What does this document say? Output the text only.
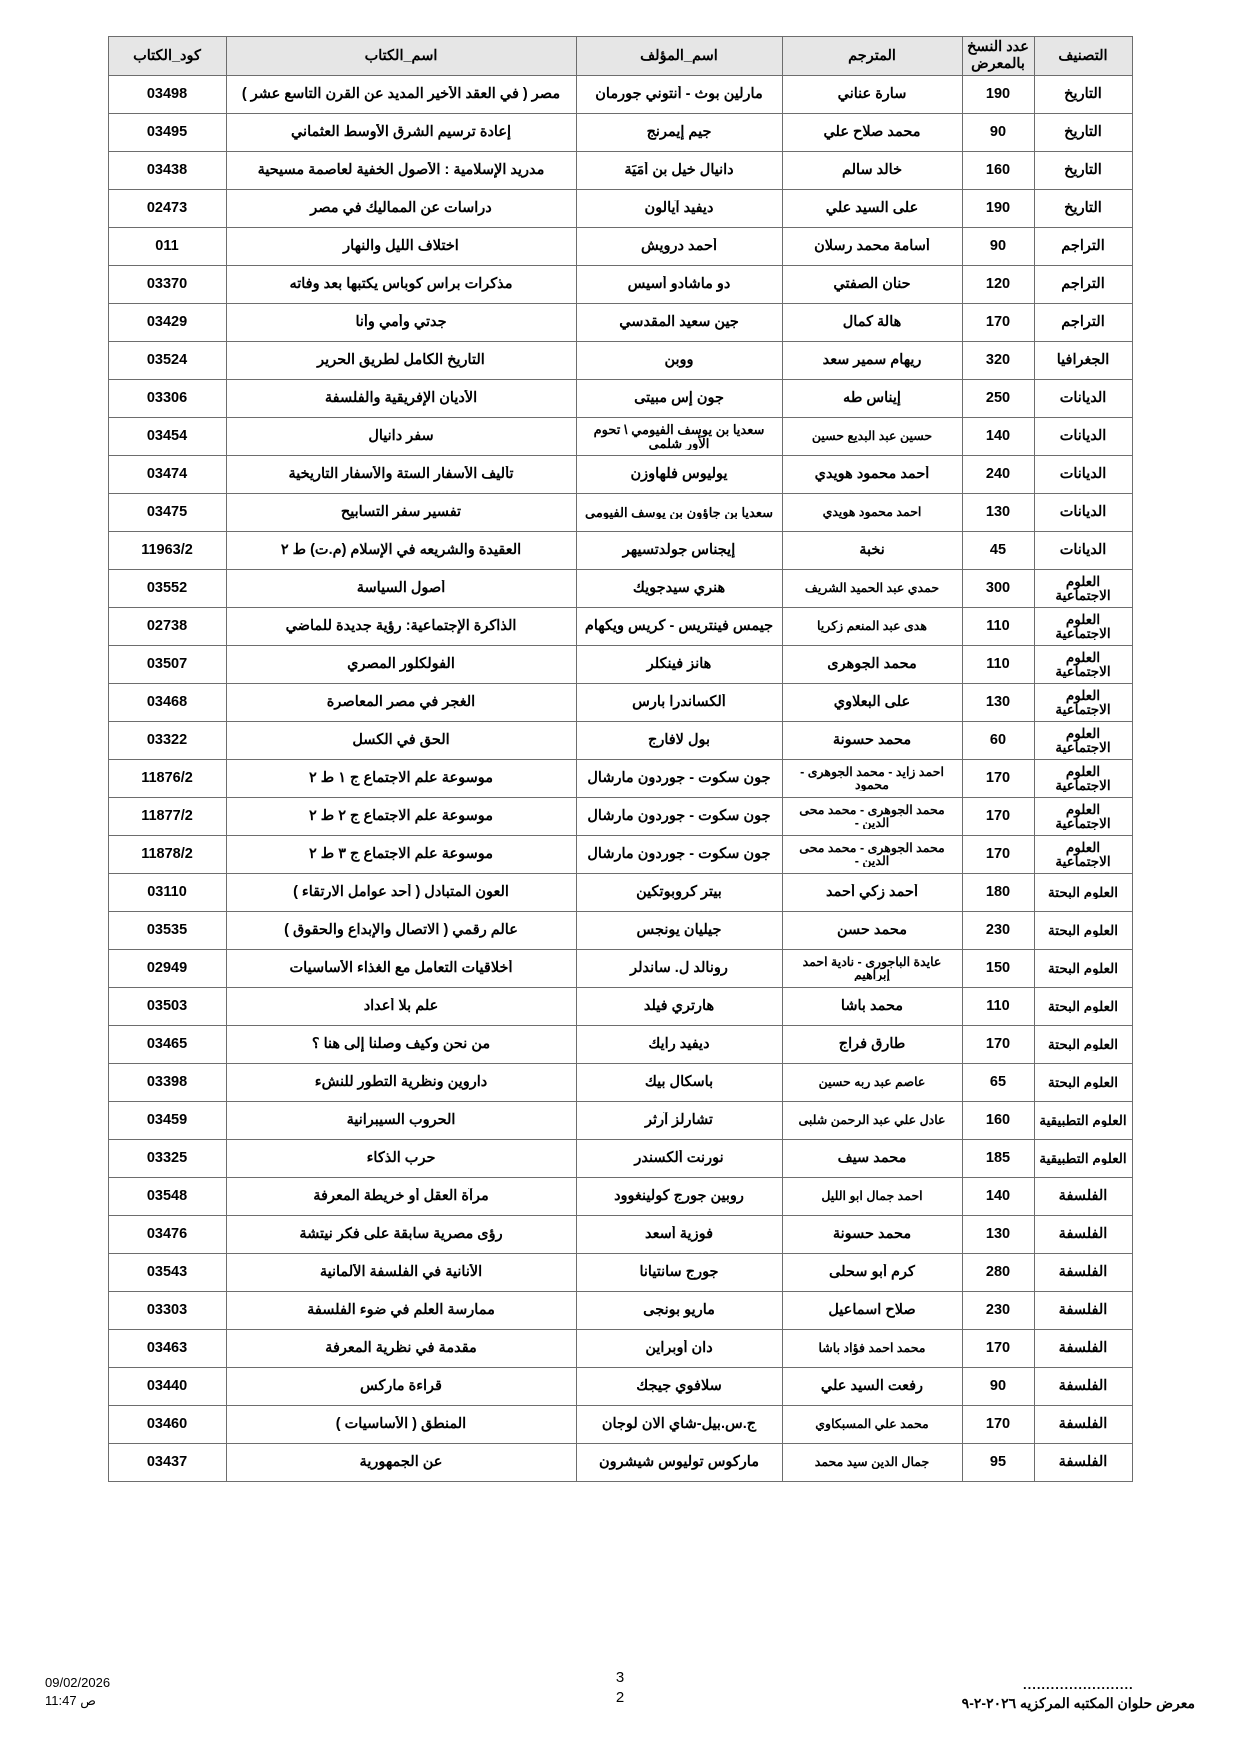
التصنيف	عدد النسخ بالمعرض	المترجم	اسم_المؤلف	اسم_الكتاب	كود_الكتاب

التاريخ	190	سارة عناني	مارلين بوث - أنتوني جورمان	مصر ( في العقد الأخير المديد عن القرن التاسع عشر )	03498

التاريخ	90	محمد صلاح علي	جيم إيمرنج	إعادة ترسيم الشرق الأوسط العثماني	03495

التاريخ	160	خالد سالم	دانيال خيل بن أمَيَة	مدريد الإسلامية : الأصول الخفية لعاصمة مسيحية	03438

التاريخ	190	على السيد علي	ديفيد آيالون	دراسات عن المماليك في مصر	02473

التراجم	90	أسامة محمد رسلان	أحمد درويش	اختلاف الليل والنهار	011

التراجم	120	حنان الصفتي	دو ماشادو أسيس	مذكرات براس كوباس يكتبها بعد وفاته	03370

التراجم	170	هالة كمال	جين سعيد المقدسي	جدتي وأمي وأنا	03429

الجغرافيا	320	ريهام سمير سعد	ووبن	التاريخ الكامل لطريق الحرير	03524

الديانات	250	إيناس طه	جون إس مبيتى	الأديان الإفريقية والفلسفة	03306

الديانات	140	حسين عبد البديع حسين	سعديا بن يوسف الفيومي \ تحوم الأور شلمى	سفر دانيال	03454

الديانات	240	أحمد محمود هويدي	يوليوس فلهاوزن	تأليف الأسفار الستة والأسفار التاريخية	03474

الديانات	130	أحمد محمود هويدي	سعديا بن جاؤون بن يوسف الفيومى	تفسير سفر التسابيح	03475

الديانات	45	نخبة	إيجناس جولدتسيهر	العقيدة والشريعه في الإسلام (م.ت) ط ٢	11963/2

العلوم الاجتماعية	300	حمدي عبد الحميد الشريف	هنري سيدجويك	أصول السياسة	03552

العلوم الاجتماعية	110	هدى عبد المنعم زكريا	جيمس فينتريس - كريس ويكهام	الذاكرة الإجتماعية: رؤية جديدة للماضي	02738

العلوم الاجتماعية	110	محمد الجوهرى	هانز فينكلر	الفولكلور المصري	03507

العلوم الاجتماعية	130	على البعلاوي	ألكساندرا بارس	الغجر في مصر المعاصرة	03468

العلوم الاجتماعية	60	محمد حسونة	بول لافارج	الحق في الكسل	03322

العلوم الاجتماعية	170	احمد زايد - محمد الجوهرى - محمود	جون سكوت - جوردون مارشال	موسوعة علم الاجتماع ج ١ ط ٢	11876/2

العلوم الاجتماعية	170	محمد الجوهرى - محمد محى الدين -	جون سكوت - جوردون مارشال	موسوعة علم الاجتماع ج ٢ ط ٢	11877/2

العلوم الاجتماعية	170	محمد الجوهرى - محمد محى الدين -	جون سكوت - جوردون مارشال	موسوعة علم الاجتماع ج ٣ ط ٢	11878/2

العلوم البحتة	180	أحمد زكي أحمد	بيتر كروبوتكين	العون المتبادل ( أحد عوامل الارتقاء )	03110

العلوم البحتة	230	محمد حسن	جيليان يونجس	عالم رقمي ( الاتصال والإبداع والحقوق )	03535

العلوم البحتة	150	عايدة الباجورى - نادية أحمد إبراهيم	رونالد ل. ساندلر	أخلاقيات التعامل مع الغذاء الأساسيات	02949

العلوم البحتة	110	محمد باشا	هارتري فيلد	علم بلا أعداد	03503

العلوم البحتة	170	طارق فراج	ديفيد رايك	من نحن وكيف وصلنا إلى هنا ؟	03465

العلوم البحتة	65	عاصم عبد ربه حسين	باسكال بيك	داروين ونظرية التطور للنشء	03398

العلوم التطبيقية	160	عادل علي عبد الرحمن شلبى	تشارلز آرثر	الحروب السيبرانية	03459

العلوم التطبيقية	185	محمد سيف	نورنت ألكسندر	حرب الذكاء	03325

الفلسفة	140	أحمد جمال أبو الليل	روبين جورج كولينغوود	مرآة العقل أو خريطة المعرفة	03548

الفلسفة	130	محمد حسونة	فوزية أسعد	رؤى مصرية سابقة على فكر نيتشة	03476

الفلسفة	280	كرم أبو سحلى	جورج سانتيانا	الأنانية في الفلسفة الألمانية	03543

الفلسفة	230	صلاح اسماعيل	ماريو بونجى	ممارسة العلم في ضوء الفلسفة	03303

الفلسفة	170	محمد أحمد فؤاد باشا	دان أوبراين	مقدمة في نظرية المعرفة	03463

الفلسفة	90	رفعت السيد علي	سلافوي جيجك	قراءة ماركس	03440

الفلسفة	170	محمد علي المسبكاوي	ج.س.بيل-شاي الان لوجان	المنطق ( الأساسيات )	03460

الفلسفة	95	جمال الدين سيد محمد	ماركوس توليوس شيشرون	عن الجمهورية	03437
........................
معرض حلوان المكتبه المركزيه ٢٠٢٦-٢-٩
3
2
09/02/2026
11:47 ص
